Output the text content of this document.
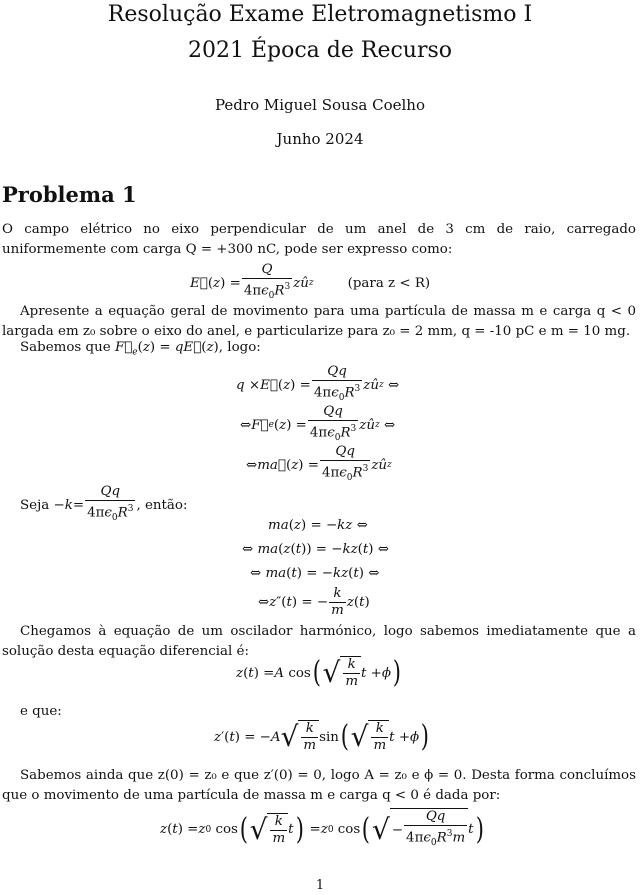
Resolução Exame Eletromagnetismo I
2021 Época de Recurso
Pedro Miguel Sousa Coelho
Junho 2024
Problema 1
O campo elétrico no eixo perpendicular de um anel de 3 cm de raio, carregado uniformemente com carga Q = +300 nC, pode ser expresso como:
E⃗ ( z ) = $\frac{Q}{4\pi\epsilon_0R^3}$ z û z	(para z < R)
Apresente a equação geral de movimento para uma partícula de massa m e carga q < 0 largada em z₀ sobre o eixo do anel, e particularize para z₀ = 2 mm, q = -10 pC e m = 10 mg.
Sabemos que $F⃗_e(z)$ = qE⃗(z), logo:
q × E⃗ ( z ) = $\frac{Qq}{4\pi\epsilon_0R^3}$ zû z ⇔
⇔ F⃗ e ( z ) = $\frac{Qq}{4\pi\epsilon_0R^3}$ zû z ⇔
⇔ ma⃗ ( z ) = $\frac{Qq}{4\pi\epsilon_0R^3}$ zû z
Seja − $k = \frac{Qq}{4\pi\epsilon_0R^3}$ , então:
ma(z) = −kz ⇔
⇔ ma(z(t)) = −kz(t) ⇔
⇔ ma(t) = −kz(t) ⇔
⇔ z ″( t ) = − $\frac{k}{m}$ z ( t )
Chegamos à equação de um oscilador harmónico, logo sabemos imediatamente que a solução desta equação diferencial é:
z ( t ) = A cos ( √ $\frac{k}{m}$ t + ϕ )
e que:
z ′( t ) = − A √ $\frac{k}{m}$ sin ( √ $\frac{k}{m}$ t + ϕ )
Sabemos ainda que z(0) = z₀ e que z′(0) = 0, logo A = z₀ e ϕ = 0. Desta forma concluímos que o movimento de uma partícula de massa m e carga q < 0 é dada por:
z ( t ) = z 0 cos ( √ $\frac{k}{m}$ t ) = z 0 cos ( √ − $\frac{Qq}{4\pi\epsilon_0R^3m}$ t )
1
